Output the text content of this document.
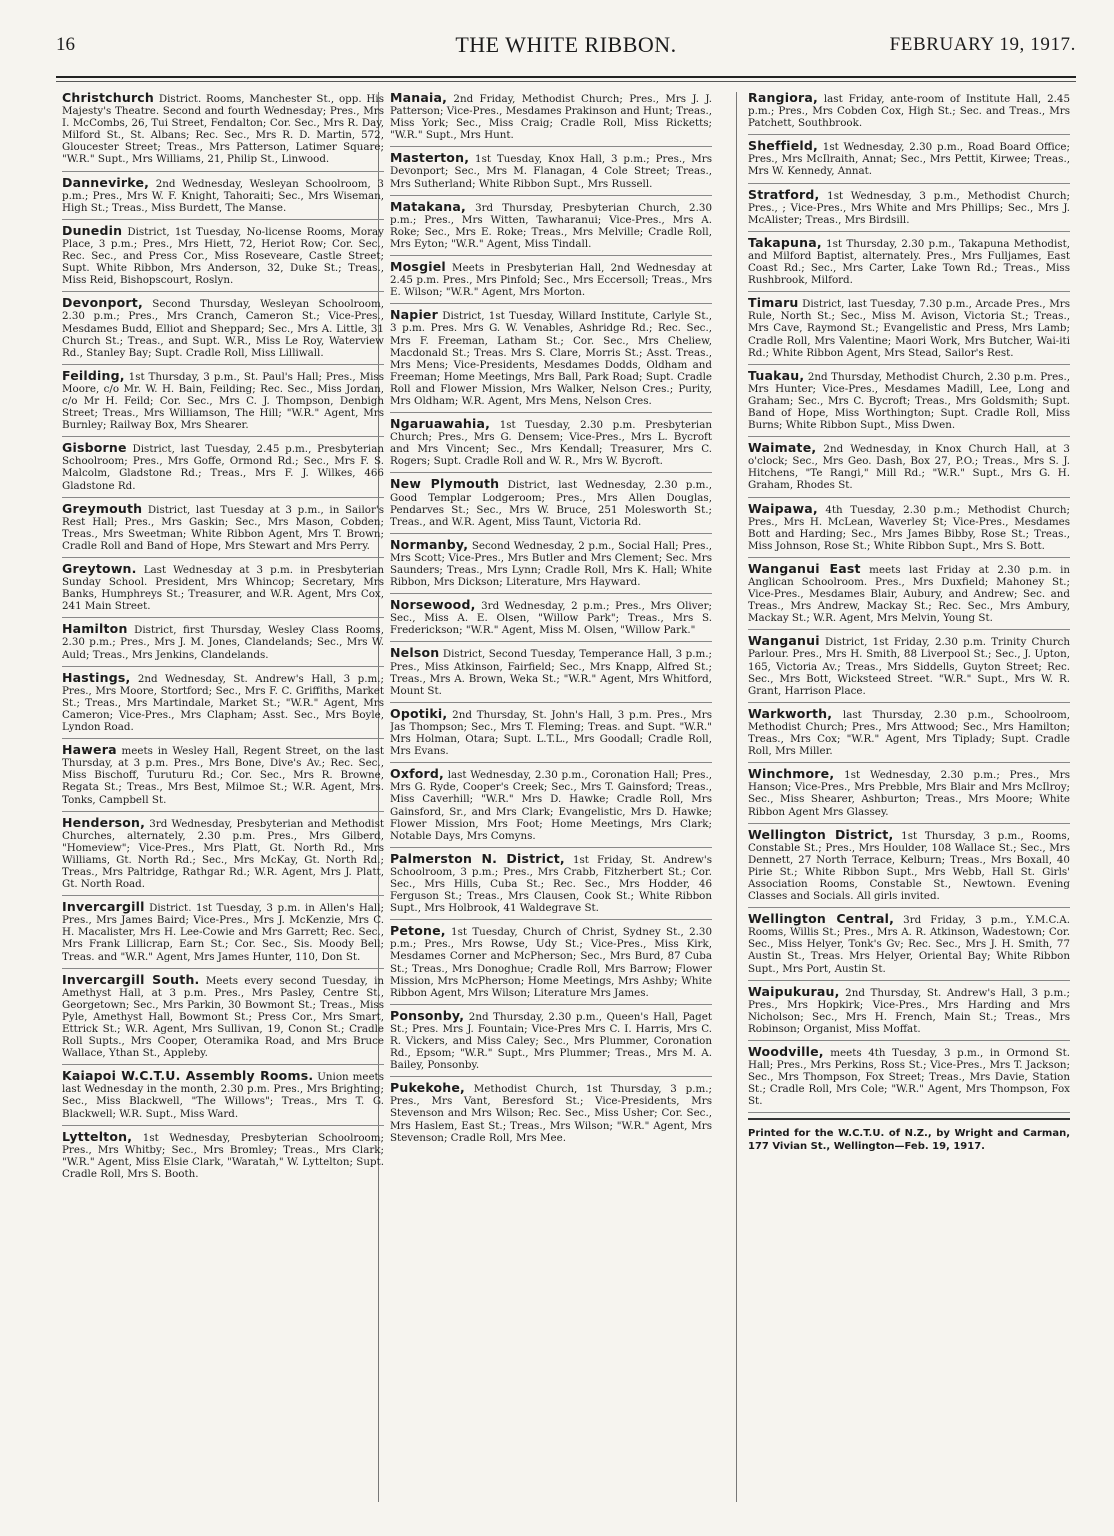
16	THE WHITE RIBBON.	FEBRUARY 19, 1917.

Christchurch District. Rooms, Manchester St., opp. His Majesty's Theatre. Second and fourth Wednesday; Pres., Mrs I. McCombs, 26, Tui Street, Fendalton; Cor. Sec., Mrs R. Day, Milford St., St. Albans; Rec. Sec., Mrs R. D. Martin, 572, Gloucester Street; Treas., Mrs Patterson, Latimer Square; "W.R." Supt., Mrs Williams, 21, Philip St., Linwood.

Dannevirke, 2nd Wednesday, Wesleyan Schoolroom, 3 p.m.; Pres., Mrs W. F. Knight, Tahoraiti; Sec., Mrs Wiseman, High St.; Treas., Miss Burdett, The Manse.

Dunedin District, 1st Tuesday, No-license Rooms, Moray Place, 3 p.m.; Pres., Mrs Hiett, 72, Heriot Row; Cor. Sec., Rec. Sec., and Press Cor., Miss Roseveare, Castle Street; Supt. White Ribbon, Mrs Anderson, 32, Duke St.; Treas., Miss Reid, Bishopscourt, Roslyn.

Devonport, Second Thursday, Wesleyan Schoolroom, 2.30 p.m.; Pres., Mrs Cranch, Cameron St.; Vice-Pres., Mesdames Budd, Elliot and Sheppard; Sec., Mrs A. Little, 31 Church St.; Treas., and Supt. W.R., Miss Le Roy, Waterview Rd., Stanley Bay; Supt. Cradle Roll, Miss Lilliwall.

Feilding, 1st Thursday, 3 p.m., St. Paul's Hall; Pres., Miss Moore, c/o Mr. W. H. Bain, Feilding; Rec. Sec., Miss Jordan, c/o Mr H. Feild; Cor. Sec., Mrs C. J. Thompson, Denbigh Street; Treas., Mrs Williamson, The Hill; "W.R." Agent, Mrs Burnley; Railway Box, Mrs Shearer.

Gisborne District, last Tuesday, 2.45 p.m., Presbyterian Schoolroom; Pres., Mrs Goffe, Ormond Rd.; Sec., Mrs F. S. Malcolm, Gladstone Rd.; Treas., Mrs F. J. Wilkes, 466 Gladstone Rd.

Greymouth District, last Tuesday at 3 p.m., in Sailor's Rest Hall; Pres., Mrs Gaskin; Sec., Mrs Mason, Cobden; Treas., Mrs Sweetman; White Ribbon Agent, Mrs T. Brown; Cradle Roll and Band of Hope, Mrs Stewart and Mrs Perry.

Greytown. Last Wednesday at 3 p.m. in Presbyterian Sunday School. President, Mrs Whincop; Secretary, Mrs Banks, Humphreys St.; Treasurer, and W.R. Agent, Mrs Cox, 241 Main Street.

Hamilton District, first Thursday, Wesley Class Rooms, 2.30 p.m.; Pres., Mrs J. M. Jones, Clandelands; Sec., Mrs W. Auld; Treas., Mrs Jenkins, Clandelands.

Hastings, 2nd Wednesday, St. Andrew's Hall, 3 p.m.; Pres., Mrs Moore, Stortford; Sec., Mrs F. C. Griffiths, Market St.; Treas., Mrs Martindale, Market St.; "W.R." Agent, Mrs Cameron; Vice-Pres., Mrs Clapham; Asst. Sec., Mrs Boyle, Lyndon Road.

Hawera meets in Wesley Hall, Regent Street, on the last Thursday, at 3 p.m. Pres., Mrs Bone, Dive's Av.; Rec. Sec., Miss Bischoff, Turuturu Rd.; Cor. Sec., Mrs R. Browne, Regata St.; Treas., Mrs Best, Milmoe St.; W.R. Agent, Mrs. Tonks, Campbell St.

Henderson, 3rd Wednesday, Presbyterian and Methodist Churches, alternately, 2.30 p.m. Pres., Mrs Gilberd, "Homeview"; Vice-Pres., Mrs Platt, Gt. North Rd., Mrs Williams, Gt. North Rd.; Sec., Mrs McKay, Gt. North Rd.; Treas., Mrs Paltridge, Rathgar Rd.; W.R. Agent, Mrs J. Platt, Gt. North Road.

Invercargill District. 1st Tuesday, 3 p.m. in Allen's Hall; Pres., Mrs James Baird; Vice-Pres., Mrs J. McKenzie, Mrs C. H. Macalister, Mrs H. Lee-Cowie and Mrs Garrett; Rec. Sec., Mrs Frank Lillicrap, Earn St.; Cor. Sec., Sis. Moody Bell; Treas. and "W.R." Agent, Mrs James Hunter, 110, Don St.

Invercargill South. Meets every second Tuesday, in Amethyst Hall, at 3 p.m. Pres., Mrs Pasley, Centre St., Georgetown; Sec., Mrs Parkin, 30 Bowmont St.; Treas., Miss Pyle, Amethyst Hall, Bowmont St.; Press Cor., Mrs Smart, Ettrick St.; W.R. Agent, Mrs Sullivan, 19, Conon St.; Cradle Roll Supts., Mrs Cooper, Oteramika Road, and Mrs Bruce Wallace, Ythan St., Appleby.

Kaiapoi W.C.T.U. Assembly Rooms. Union meets last Wednesday in the month, 2.30 p.m. Pres., Mrs Brighting; Sec., Miss Blackwell, "The Willows"; Treas., Mrs T. G. Blackwell; W.R. Supt., Miss Ward.

Lyttelton, 1st Wednesday, Presbyterian Schoolroom; Pres., Mrs Whitby; Sec., Mrs Bromley; Treas., Mrs Clark; "W.R." Agent, Miss Elsie Clark, "Waratah," W. Lyttelton; Supt. Cradle Roll, Mrs S. Booth.

Manaia, 2nd Friday, Methodist Church; Pres., Mrs J. J. Patterson; Vice-Pres., Mesdames Prakinson and Hunt; Treas., Miss York; Sec., Miss Craig; Cradle Roll, Miss Ricketts; "W.R." Supt., Mrs Hunt.

Masterton, 1st Tuesday, Knox Hall, 3 p.m.; Pres., Mrs Devonport; Sec., Mrs M. Flanagan, 4 Cole Street; Treas., Mrs Sutherland; White Ribbon Supt., Mrs Russell.

Matakana, 3rd Thursday, Presbyterian Church, 2.30 p.m.; Pres., Mrs Witten, Tawharanui; Vice-Pres., Mrs A. Roke; Sec., Mrs E. Roke; Treas., Mrs Melville; Cradle Roll, Mrs Eyton; "W.R." Agent, Miss Tindall.

Mosgiel Meets in Presbyterian Hall, 2nd Wednesday at 2.45 p.m. Pres., Mrs Pinfold; Sec., Mrs Eccersoll; Treas., Mrs E. Wilson; "W.R." Agent, Mrs Morton.

Napier District, 1st Tuesday, Willard Institute, Carlyle St., 3 p.m. Pres. Mrs G. W. Venables, Ashridge Rd.; Rec. Sec., Mrs F. Freeman, Latham St.; Cor. Sec., Mrs Cheliew, Macdonald St.; Treas. Mrs S. Clare, Morris St.; Asst. Treas., Mrs Mens; Vice-Presidents, Mesdames Dodds, Oldham and Freeman; Home Meetings, Mrs Ball, Park Road; Supt. Cradle Roll and Flower Mission, Mrs Walker, Nelson Cres.; Purity, Mrs Oldham; W.R. Agent, Mrs Mens, Nelson Cres.

Ngaruawahia, 1st Tuesday, 2.30 p.m. Presbyterian Church; Pres., Mrs G. Densem; Vice-Pres., Mrs L. Bycroft and Mrs Vincent; Sec., Mrs Kendall; Treasurer, Mrs C. Rogers; Supt. Cradle Roll and W. R., Mrs W. Bycroft.

New Plymouth District, last Wednesday, 2.30 p.m., Good Templar Lodgeroom; Pres., Mrs Allen Douglas, Pendarves St.; Sec., Mrs W. Bruce, 251 Molesworth St.; Treas., and W.R. Agent, Miss Taunt, Victoria Rd.

Normanby, Second Wednesday, 2 p.m., Social Hall; Pres., Mrs Scott; Vice-Pres., Mrs Butler and Mrs Clement; Sec. Mrs Saunders; Treas., Mrs Lynn; Cradle Roll, Mrs K. Hall; White Ribbon, Mrs Dickson; Literature, Mrs Hayward.

Norsewood, 3rd Wednesday, 2 p.m.; Pres., Mrs Oliver; Sec., Miss A. E. Olsen, "Willow Park"; Treas., Mrs S. Frederickson; "W.R." Agent, Miss M. Olsen, "Willow Park."

Nelson District, Second Tuesday, Temperance Hall, 3 p.m.; Pres., Miss Atkinson, Fairfield; Sec., Mrs Knapp, Alfred St.; Treas., Mrs A. Brown, Weka St.; "W.R." Agent, Mrs Whitford, Mount St.

Opotiki, 2nd Thursday, St. John's Hall, 3 p.m. Pres., Mrs Jas Thompson; Sec., Mrs T. Fleming; Treas. and Supt. "W.R." Mrs Holman, Otara; Supt. L.T.L., Mrs Goodall; Cradle Roll, Mrs Evans.

Oxford, last Wednesday, 2.30 p.m., Coronation Hall; Pres., Mrs G. Ryde, Cooper's Creek; Sec., Mrs T. Gainsford; Treas., Miss Caverhill; "W.R." Mrs D. Hawke; Cradle Roll, Mrs Gainsford, Sr., and Mrs Clark; Evangelistic, Mrs D. Hawke; Flower Mission, Mrs Foot; Home Meetings, Mrs Clark; Notable Days, Mrs Comyns.

Palmerston N. District, 1st Friday, St. Andrew's Schoolroom, 3 p.m.; Pres., Mrs Crabb, Fitzherbert St.; Cor. Sec., Mrs Hills, Cuba St.; Rec. Sec., Mrs Hodder, 46 Ferguson St.; Treas., Mrs Clausen, Cook St.; White Ribbon Supt., Mrs Holbrook, 41 Waldegrave St.

Petone, 1st Tuesday, Church of Christ, Sydney St., 2.30 p.m.; Pres., Mrs Rowse, Udy St.; Vice-Pres., Miss Kirk, Mesdames Corner and McPherson; Sec., Mrs Burd, 87 Cuba St.; Treas., Mrs Donoghue; Cradle Roll, Mrs Barrow; Flower Mission, Mrs McPherson; Home Meetings, Mrs Ashby; White Ribbon Agent, Mrs Wilson; Literature Mrs James.

Ponsonby, 2nd Thursday, 2.30 p.m., Queen's Hall, Paget St.; Pres. Mrs J. Fountain; Vice-Pres Mrs C. I. Harris, Mrs C. R. Vickers, and Miss Caley; Sec., Mrs Plummer, Coronation Rd., Epsom; "W.R." Supt., Mrs Plummer; Treas., Mrs M. A. Bailey, Ponsonby.

Pukekohe, Methodist Church, 1st Thursday, 3 p.m.; Pres., Mrs Vant, Beresford St.; Vice-Presidents, Mrs Stevenson and Mrs Wilson; Rec. Sec., Miss Usher; Cor. Sec., Mrs Haslem, East St.; Treas., Mrs Wilson; "W.R." Agent, Mrs Stevenson; Cradle Roll, Mrs Mee.

Rangiora, last Friday, ante-room of Institute Hall, 2.45 p.m.; Pres., Mrs Cobden Cox, High St.; Sec. and Treas., Mrs Patchett, Southbrook.

Sheffield, 1st Wednesday, 2.30 p.m., Road Board Office; Pres., Mrs McIlraith, Annat; Sec., Mrs Pettit, Kirwee; Treas., Mrs W. Kennedy, Annat.

Stratford, 1st Wednesday, 3 p.m., Methodist Church; Pres., ; Vice-Pres., Mrs White and Mrs Phillips; Sec., Mrs J. McAlister; Treas., Mrs Birdsill.

Takapuna, 1st Thursday, 2.30 p.m., Takapuna Methodist, and Milford Baptist, alternately. Pres., Mrs Fulljames, East Coast Rd.; Sec., Mrs Carter, Lake Town Rd.; Treas., Miss Rushbrook, Milford.

Timaru District, last Tuesday, 7.30 p.m., Arcade Pres., Mrs Rule, North St.; Sec., Miss M. Avison, Victoria St.; Treas., Mrs Cave, Raymond St.; Evangelistic and Press, Mrs Lamb; Cradle Roll, Mrs Valentine; Maori Work, Mrs Butcher, Wai-iti Rd.; White Ribbon Agent, Mrs Stead, Sailor's Rest.

Tuakau, 2nd Thursday, Methodist Church, 2.30 p.m. Pres., Mrs Hunter; Vice-Pres., Mesdames Madill, Lee, Long and Graham; Sec., Mrs C. Bycroft; Treas., Mrs Goldsmith; Supt. Band of Hope, Miss Worthington; Supt. Cradle Roll, Miss Burns; White Ribbon Supt., Miss Dwen.

Waimate, 2nd Wednesday, in Knox Church Hall, at 3 o'clock; Sec., Mrs Geo. Dash, Box 27, P.O.; Treas., Mrs S. J. Hitchens, "Te Rangi," Mill Rd.; "W.R." Supt., Mrs G. H. Graham, Rhodes St.

Waipawa, 4th Tuesday, 2.30 p.m.; Methodist Church; Pres., Mrs H. McLean, Waverley St; Vice-Pres., Mesdames Bott and Harding; Sec., Mrs James Bibby, Rose St.; Treas., Miss Johnson, Rose St.; White Ribbon Supt., Mrs S. Bott.

Wanganui East meets last Friday at 2.30 p.m. in Anglican Schoolroom. Pres., Mrs Duxfield; Mahoney St.; Vice-Pres., Mesdames Blair, Aubury, and Andrew; Sec. and Treas., Mrs Andrew, Mackay St.; Rec. Sec., Mrs Ambury, Mackay St.; W.R. Agent, Mrs Melvin, Young St.

Wanganui District, 1st Friday, 2.30 p.m. Trinity Church Parlour. Pres., Mrs H. Smith, 88 Liverpool St.; Sec., J. Upton, 165, Victoria Av.; Treas., Mrs Siddells, Guyton Street; Rec. Sec., Mrs Bott, Wicksteed Street. "W.R." Supt., Mrs W. R. Grant, Harrison Place.

Warkworth, last Thursday, 2.30 p.m., Schoolroom, Methodist Church; Pres., Mrs Attwood; Sec., Mrs Hamilton; Treas., Mrs Cox; "W.R." Agent, Mrs Tiplady; Supt. Cradle Roll, Mrs Miller.

Winchmore, 1st Wednesday, 2.30 p.m.; Pres., Mrs Hanson; Vice-Pres., Mrs Prebble, Mrs Blair and Mrs McIlroy; Sec., Miss Shearer, Ashburton; Treas., Mrs Moore; White Ribbon Agent Mrs Glassey.

Wellington District, 1st Thursday, 3 p.m., Rooms, Constable St.; Pres., Mrs Houlder, 108 Wallace St.; Sec., Mrs Dennett, 27 North Terrace, Kelburn; Treas., Mrs Boxall, 40 Pirie St.; White Ribbon Supt., Mrs Webb, Hall St. Girls' Association Rooms, Constable St., Newtown. Evening Classes and Socials. All girls invited.

Wellington Central, 3rd Friday, 3 p.m., Y.M.C.A. Rooms, Willis St.; Pres., Mrs A. R. Atkinson, Wadestown; Cor. Sec., Miss Helyer, Tonk's Gv; Rec. Sec., Mrs J. H. Smith, 77 Austin St., Treas. Mrs Helyer, Oriental Bay; White Ribbon Supt., Mrs Port, Austin St.

Waipukurau, 2nd Thursday, St. Andrew's Hall, 3 p.m.; Pres., Mrs Hopkirk; Vice-Pres., Mrs Harding and Mrs Nicholson; Sec., Mrs H. French, Main St.; Treas., Mrs Robinson; Organist, Miss Moffat.

Woodville, meets 4th Tuesday, 3 p.m., in Ormond St. Hall; Pres., Mrs Perkins, Ross St.; Vice-Pres., Mrs T. Jackson; Sec., Mrs Thompson, Fox Street; Treas., Mrs Davie, Station St.; Cradle Roll, Mrs Cole; "W.R." Agent, Mrs Thompson, Fox St.

Printed for the W.C.T.U. of N.Z., by Wright and Carman, 177 Vivian St., Wellington—Feb. 19, 1917.
